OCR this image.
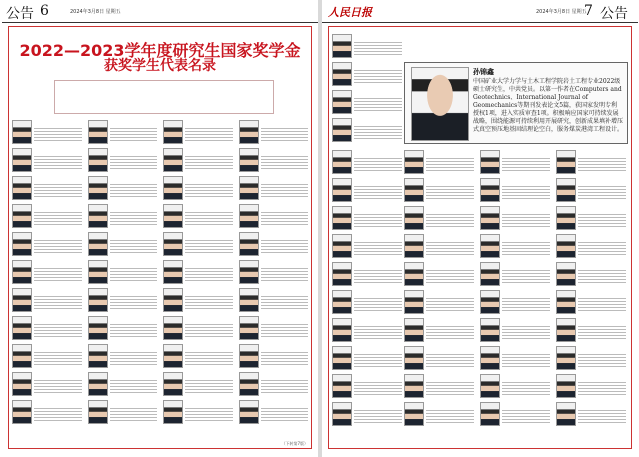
公告 6	2024年3月8日 星期五
2022—2023学年度研究生国家奖学金
获奖学生代表名录
（下转第7版）
人民日报	2024年3月8日 星期五
7 公告
孙锦鑫
中国矿业大学力学与土木工程学院岩土工程专业2022级硕士研究生，中共党员。以第一作者在Computers and Geotechnics、International Journal of Geomechanics等期刊发表论文5篇，获国家发明专利授权1项，进入实质审查1项。积极响应国家可持续发展战略，围绕能源可持续利用开展研究，创新成果填补增压式真空预压地基固结理论空白，服务煤炭港湾工程设计。
